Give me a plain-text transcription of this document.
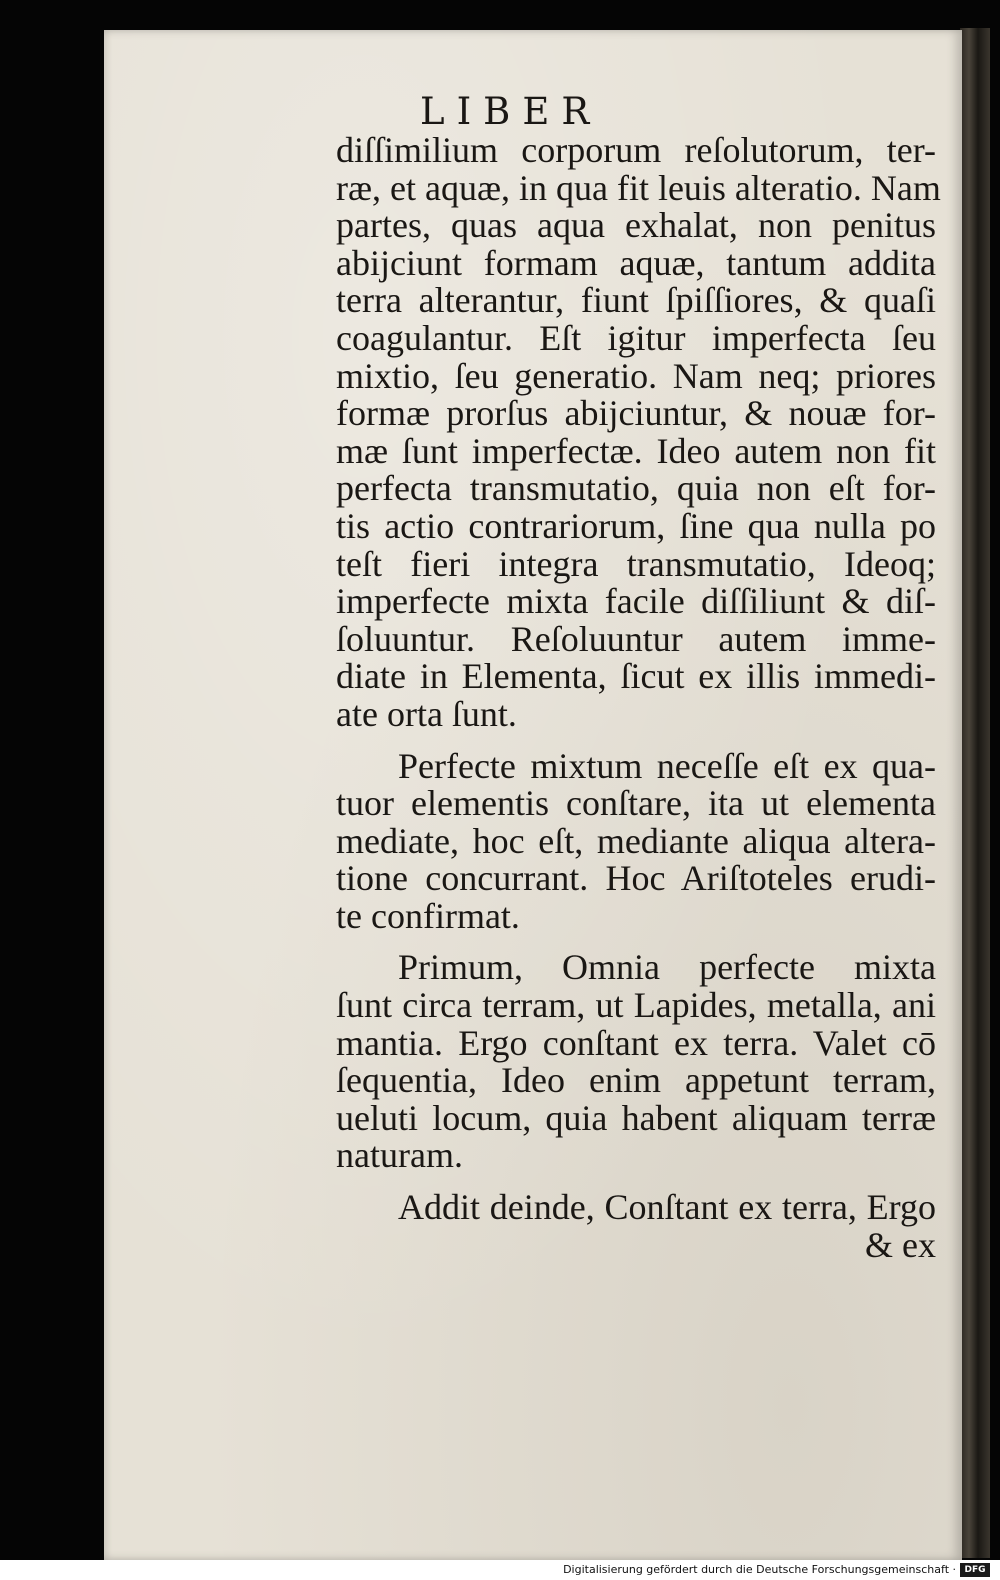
LIBER
diſſimilium corporum reſolutorum, ter-
ræ, et aquæ, in qua fit leuis alteratio. Nam
partes, quas aqua exhalat, non penitus
abijciunt formam aquæ, tantum addita
terra alterantur, fiunt ſpiſſiores, & quaſi
coagulantur. Eſt igitur imperfecta ſeu
mixtio, ſeu generatio. Nam neq; priores
formæ prorſus abijciuntur, & nouæ for-
mæ ſunt imperfectæ. Ideo autem non fit
perfecta transmutatio, quia non eſt for-
tis actio contrariorum, ſine qua nulla po
teſt fieri integra transmutatio, Ideoq;
imperfecte mixta facile diſſiliunt & diſ-
ſoluuntur. Reſoluuntur autem imme-
diate in Elementa, ſicut ex illis immedi-
ate orta ſunt.
Perfecte mixtum neceſſe eſt ex qua-
tuor elementis conſtare, ita ut elementa
mediate, hoc eſt, mediante aliqua altera-
tione concurrant. Hoc Ariſtoteles erudi-
te confirmat.
Primum, Omnia perfecte mixta
ſunt circa terram, ut Lapides, metalla, ani
mantia. Ergo conſtant ex terra. Valet cō
ſequentia, Ideo enim appetunt terram,
ueluti locum, quia habent aliquam terræ
naturam.
Addit deinde, Conſtant ex terra, Ergo
& ex

Digitalisierung gefördert durch die Deutsche Forschungsgemeinschaft · DFG
